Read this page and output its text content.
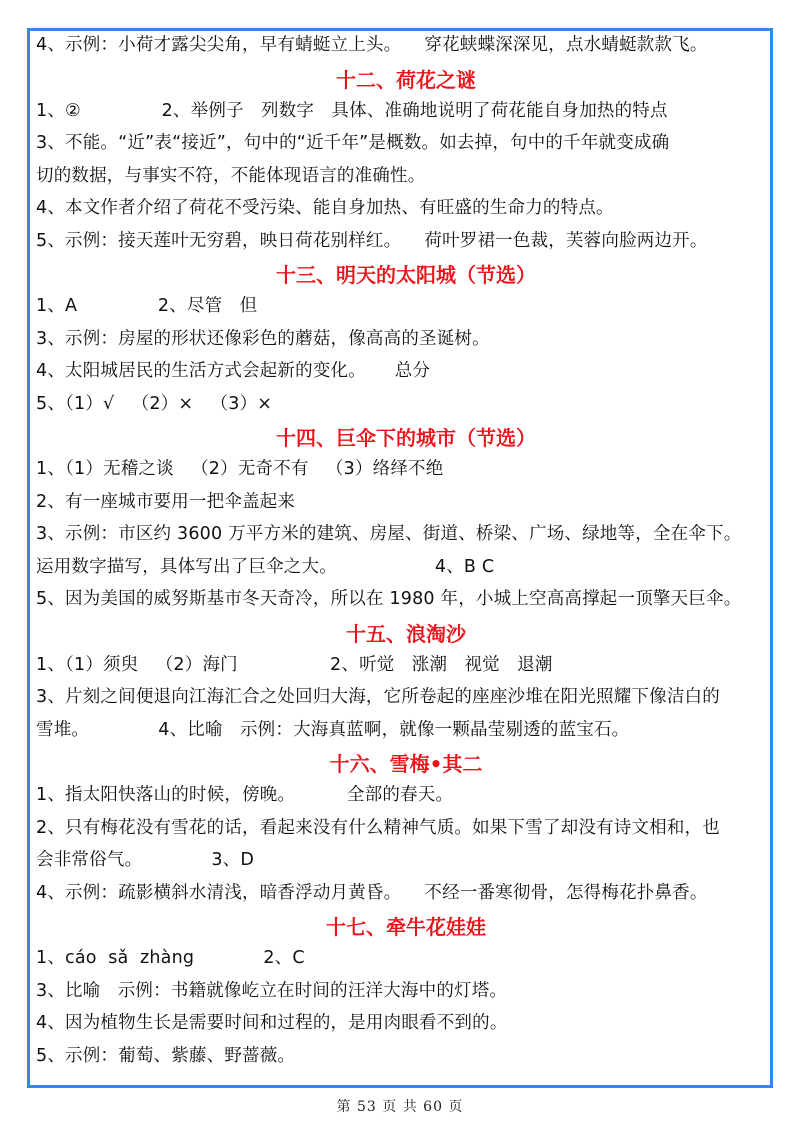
4、示例：小荷才露尖尖角，早有蜻蜓立上头。    穿花蛱蝶深深见，点水蜻蜓款款飞。
十二、荷花之谜
1、②              2、举例子   列数字   具体、准确地说明了荷花能自身加热的特点
3、不能。“近”表“接近”，句中的“近千年”是概数。如去掉，句中的千年就变成确
切的数据，与事实不符，不能体现语言的准确性。
4、本文作者介绍了荷花不受污染、能自身加热、有旺盛的生命力的特点。
5、示例：接天莲叶无穷碧，映日荷花别样红。    荷叶罗裙一色裁，芙蓉向脸两边开。
十三、明天的太阳城（节选）
1、A              2、尽管   但
3、示例：房屋的形状还像彩色的蘑菇，像高高的圣诞树。
4、太阳城居民的生活方式会起新的变化。     总分
5、（1）√   （2）×   （3）×
十四、巨伞下的城市（节选）
1、（1）无稽之谈   （2）无奇不有   （3）络绎不绝
2、有一座城市要用一把伞盖起来
3、示例：市区约 3600 万平方米的建筑、房屋、街道、桥梁、广场、绿地等，全在伞下。
运用数字描写，具体写出了巨伞之大。                 4、B C
5、因为美国的威努斯基市冬天奇冷，所以在 1980 年，小城上空高高撑起一顶擎天巨伞。
十五、浪淘沙
1、（1）须臾   （2）海门                2、听觉   涨潮   视觉   退潮
3、片刻之间便退向江海汇合之处回归大海，它所卷起的座座沙堆在阳光照耀下像洁白的
雪堆。            4、比喻   示例：大海真蓝啊，就像一颗晶莹剔透的蓝宝石。
十六、雪梅•其二
1、指太阳快落山的时候，傍晚。         全部的春天。
2、只有梅花没有雪花的话，看起来没有什么精神气质。如果下雪了却没有诗文相和，也
会非常俗气。            3、D
4、示例：疏影横斜水清浅，暗香浮动月黄昏。    不经一番寒彻骨，怎得梅花扑鼻香。
十七、牵牛花娃娃
1、cáo  sǎ  zhàng            2、C
3、比喻   示例：书籍就像屹立在时间的汪洋大海中的灯塔。
4、因为植物生长是需要时间和过程的，是用肉眼看不到的。
5、示例：葡萄、紫藤、野蔷薇。
第 53 页 共 60 页
